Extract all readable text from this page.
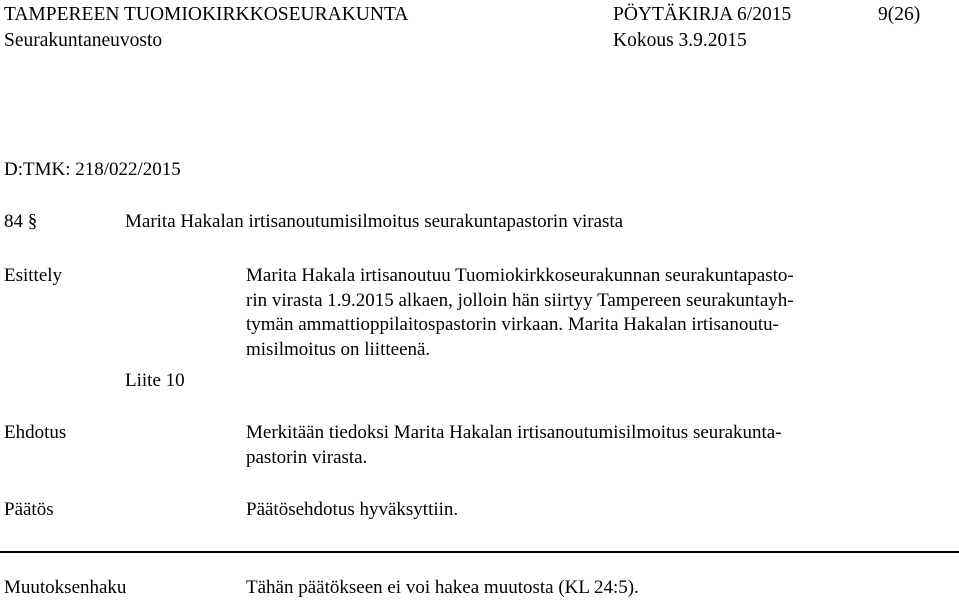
TAMPEREEN TUOMIOKIRKKOSEURAKUNTA	PÖYTÄKIRJA 6/2015	9(26)
Seurakuntaneuvosto	Kokous 3.9.2015
D:TMK: 218/022/2015
84 §	Marita Hakalan irtisanoutumisilmoitus seurakuntapastorin virasta
Esittely	Marita Hakala irtisanoutuu Tuomiokirkkoseurakunnan seurakuntapasto-
rin virasta 1.9.2015 alkaen, jolloin hän siirtyy Tampereen seurakuntayh-
tymän ammattioppilaitospastorin virkaan. Marita Hakalan irtisanoutu-
misilmoitus on liitteenä.
Liite 10
Ehdotus	Merkitään tiedoksi Marita Hakalan irtisanoutumisilmoitus seurakunta-
pastorin virasta.
Päätös	Päätösehdotus hyväksyttiin.
Muutoksenhaku	Tähän päätökseen ei voi hakea muutosta (KL 24:5).
